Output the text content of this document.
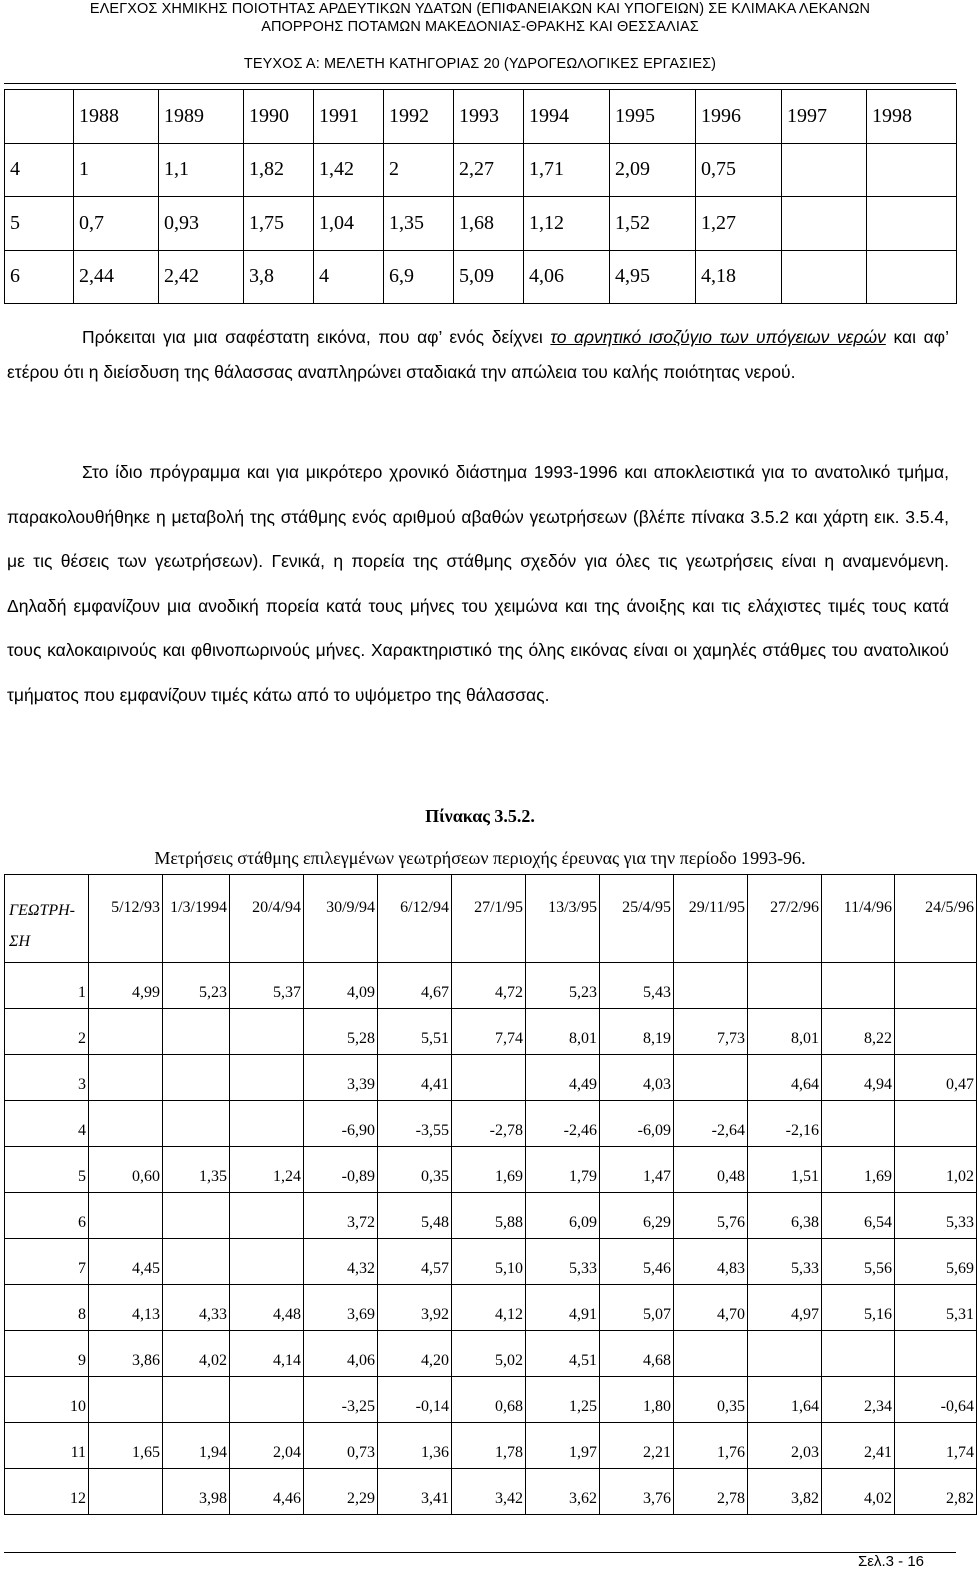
ΕΛΕΓΧΟΣ ΧΗΜΙΚΗΣ ΠΟΙΟΤΗΤΑΣ ΑΡΔΕΥΤΙΚΩΝ ΥΔΑΤΩΝ (ΕΠΙΦΑΝΕΙΑΚΩΝ ΚΑΙ ΥΠΟΓΕΙΩΝ) ΣΕ ΚΛΙΜΑΚΑ ΛΕΚΑΝΩΝ
ΑΠΟΡΡΟΗΣ ΠΟΤΑΜΩΝ ΜΑΚΕΔΟΝΙΑΣ-ΘΡΑΚΗΣ ΚΑΙ ΘΕΣΣΑΛΙΑΣ
ΤΕΥΧΟΣ Α: ΜΕΛΕΤΗ ΚΑΤΗΓΟΡΙΑΣ 20 (ΥΔΡΟΓΕΩΛΟΓΙΚΕΣ ΕΡΓΑΣΙΕΣ)
	1988	1989	1990	1991	1992	1993	1994	1995	1996	1997	1998
4	1	1,1	1,82	1,42	2	2,27	1,71	2,09	0,75		
5	0,7	0,93	1,75	1,04	1,35	1,68	1,12	1,52	1,27		
6	2,44	2,42	3,8	4	6,9	5,09	4,06	4,95	4,18		
Πρόκειται για μια σαφέστατη εικόνα, που αφ’ ενός δείχνει το αρνητικό ισοζύγιο των υπόγειων νερών και αφ’ ετέρου ότι η διείσδυση της θάλασσας αναπληρώνει σταδιακά την απώλεια του καλής ποιότητας νερού.
Στο ίδιο πρόγραμμα και για μικρότερο χρονικό διάστημα 1993-1996 και αποκλειστικά για το ανατολικό τμήμα, παρακολουθήθηκε η μεταβολή της στάθμης ενός αριθμού αβαθών γεωτρήσεων (βλέπε πίνακα 3.5.2 και χάρτη εικ. 3.5.4, με τις θέσεις των γεωτρήσεων). Γενικά, η πορεία της στάθμης σχεδόν για όλες τις γεωτρήσεις είναι η αναμενόμενη. Δηλαδή εμφανίζουν μια ανοδική πορεία κατά τους μήνες του χειμώνα και της άνοιξης και τις ελάχιστες τιμές τους κατά τους καλοκαιρινούς και φθινοπωρινούς μήνες. Χαρακτηριστικό της όλης εικόνας είναι οι χαμηλές στάθμες του ανατολικού τμήματος που εμφανίζουν τιμές κάτω από το υψόμετρο της θάλασσας.
Πίνακας 3.5.2.
Μετρήσεις στάθμης επιλεγμένων γεωτρήσεων περιοχής έρευνας για την περίοδο 1993-96.
ΓΕΩΤΡΗ-ΣΗ	5/12/93	1/3/1994	20/4/94	30/9/94	6/12/94	27/1/95	13/3/95	25/4/95	29/11/95	27/2/96	11/4/96	24/5/96
1	4,99	5,23	5,37	4,09	4,67	4,72	5,23	5,43				
2				5,28	5,51	7,74	8,01	8,19	7,73	8,01	8,22	
3				3,39	4,41		4,49	4,03		4,64	4,94	0,47
4				-6,90	-3,55	-2,78	-2,46	-6,09	-2,64	-2,16		
5	0,60	1,35	1,24	-0,89	0,35	1,69	1,79	1,47	0,48	1,51	1,69	1,02
6				3,72	5,48	5,88	6,09	6,29	5,76	6,38	6,54	5,33
7	4,45			4,32	4,57	5,10	5,33	5,46	4,83	5,33	5,56	5,69
8	4,13	4,33	4,48	3,69	3,92	4,12	4,91	5,07	4,70	4,97	5,16	5,31
9	3,86	4,02	4,14	4,06	4,20	5,02	4,51	4,68				
10				-3,25	-0,14	0,68	1,25	1,80	0,35	1,64	2,34	-0,64
11	1,65	1,94	2,04	0,73	1,36	1,78	1,97	2,21	1,76	2,03	2,41	1,74
12		3,98	4,46	2,29	3,41	3,42	3,62	3,76	2,78	3,82	4,02	2,82
Σελ.3 - 16
